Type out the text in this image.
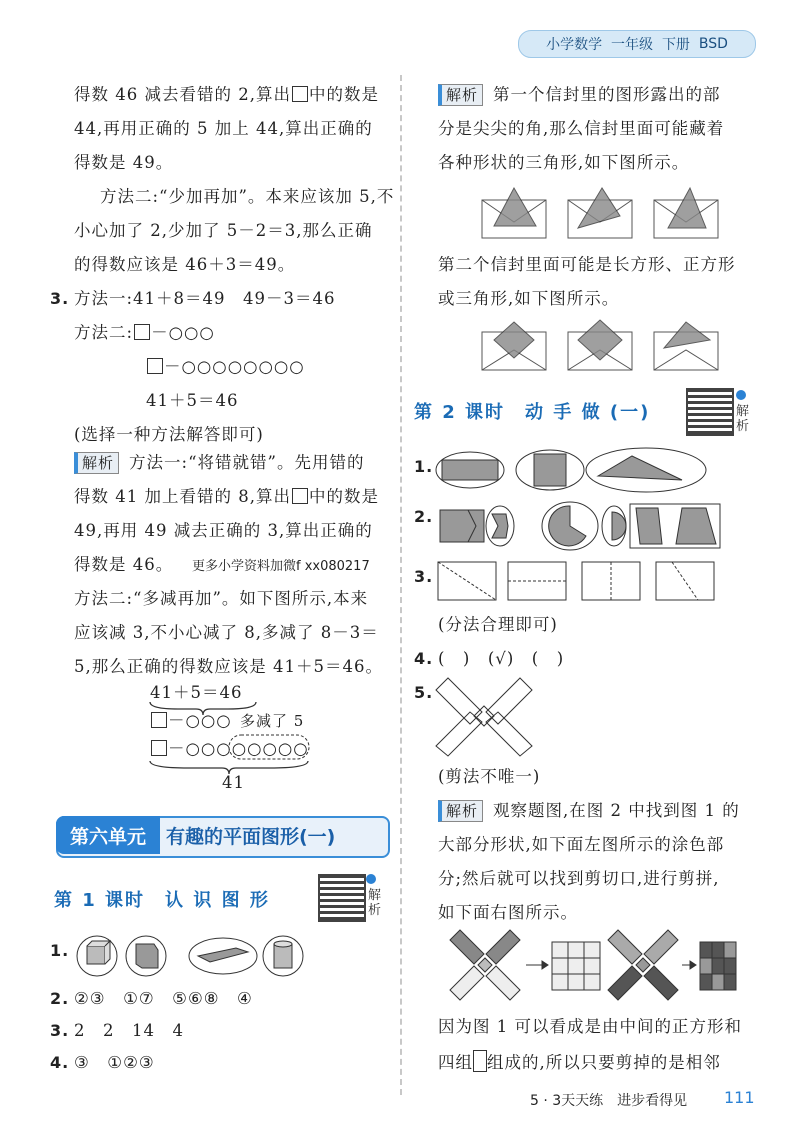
小学数学
一年级
下册
BSD
得数 46 减去看错的 2,算出 中的数是
44,再用正确的 5 加上 44,算出正确的
得数是 49。
方法二:“少加再加”。本来应该加 5,不
小心加了 2,少加了 5－2＝3,那么正确
的得数应该是 46＋3＝49。
3. 方法一:41＋8＝49　49－3＝46
方法二: －○○○
－○○○○○○○○
41＋5＝46
(选择一种方法解答即可)
解析 方法一:“将错就错”。先用错的
得数 41 加上看错的 8,算出 中的数是
49,再用 49 减去正确的 3,算出正确的
得数是 46。 更多小学资料加微f xx080217
方法二:“多减再加”。如下图所示,本来
应该减 3,不小心减了 8,多减了 8－3＝
5,那么正确的得数应该是 41＋5＝46。
41＋5＝46
－○○○ 多减了 5
－○○○○○○○○
41
第六单元	有趣的平面图形(一)
第 1 课时　认 识 图 形	解析
1.
2. ②③　①⑦　⑤⑥⑧　④
3. 2　2　14　4
4. ③　①②③
解析 第一个信封里的图形露出的部
分是尖尖的角,那么信封里面可能藏着
各种形状的三角形,如下图所示。
第二个信封里面可能是长方形、正方形
或三角形,如下图所示。
第 2 课时　动 手 做 (一)	解析
1.
2.
3.
(分法合理即可)
4. (　)　(√)　(　)
5.
(剪法不唯一)
解析 观察题图,在图 2 中找到图 1 的
大部分形状,如下面左图所示的涂色部
分;然后就可以找到剪切口,进行剪拼,
如下面右图所示。
因为图 1 可以看成是由中间的正方形和
四组 组成的,所以只要剪掉的是相邻
5 · 3天天练　进步看得见 111
